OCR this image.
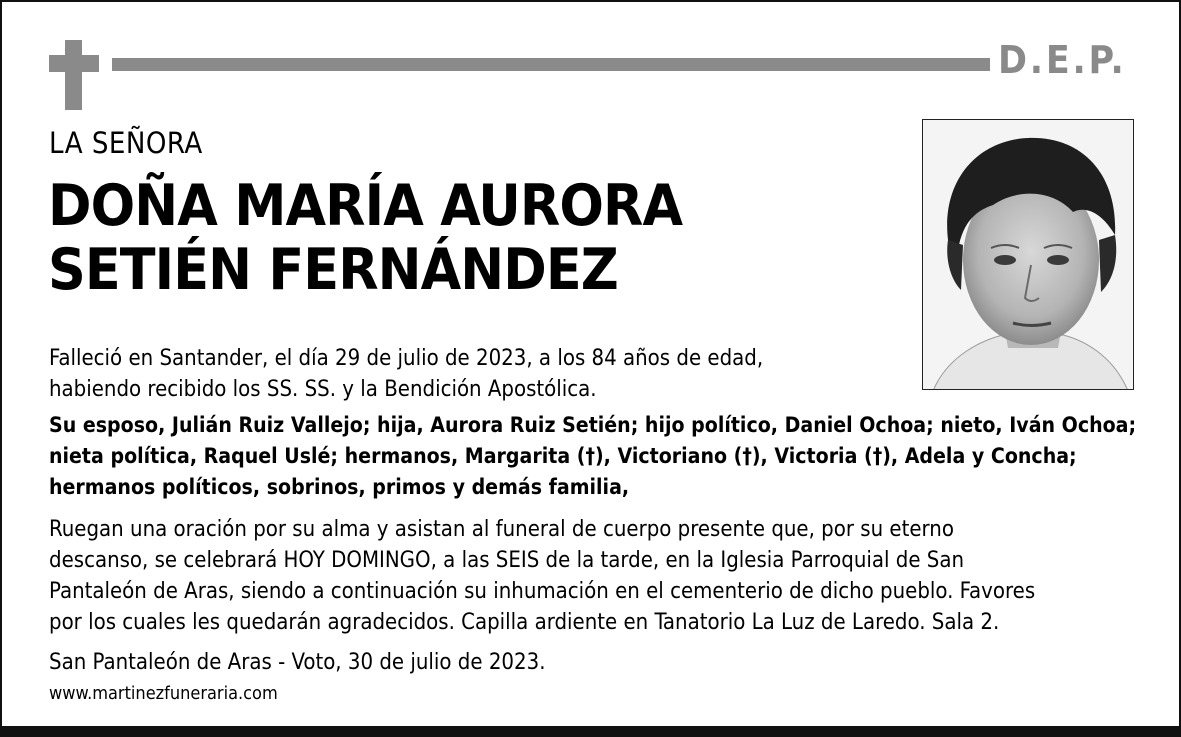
D.E.P.
LA SEÑORA
DOÑA MARÍA AURORA
SETIÉN FERNÁNDEZ
Falleció en Santander, el día 29 de julio de 2023, a los 84 años de edad,
habiendo recibido los SS. SS. y la Bendición Apostólica.
Su esposo, Julián Ruiz Vallejo; hija, Aurora Ruiz Setién; hijo político, Daniel Ochoa; nieto, Iván Ochoa;
nieta política, Raquel Uslé; hermanos, Margarita (†), Victoriano (†), Victoria (†), Adela y Concha;
hermanos políticos, sobrinos, primos y demás familia,
Ruegan una oración por su alma y asistan al funeral de cuerpo presente que, por su eterno
descanso, se celebrará HOY DOMINGO, a las SEIS de la tarde, en la Iglesia Parroquial de San
Pantaleón de Aras, siendo a continuación su inhumación en el cementerio de dicho pueblo. Favores
por los cuales les quedarán agradecidos. Capilla ardiente en Tanatorio La Luz de Laredo. Sala 2.
San Pantaleón de Aras - Voto, 30 de julio de 2023.
www.martinezfuneraria.com
